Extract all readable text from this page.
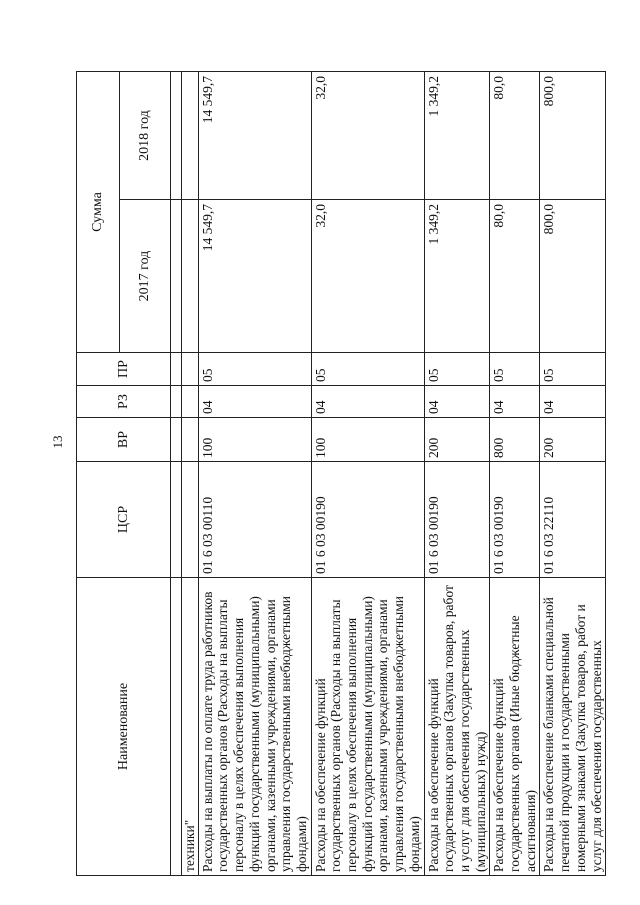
13
Наименование	ЦСР	ВР	РЗ	ПР	Сумма	
					2017 год	2018 год

техники"						
Расходы на выплаты по оплате труда работников государственных органов (Расходы на выплаты персоналу в целях обеспечения выполнения функций государственными (муниципальными) органами, казенными учреждениями, органами управления государственными внебюджетными фондами)	01 6 03 00110	100	04	05	14 549,7	14 549,7
Расходы на обеспечение функций государственных органов (Расходы на выплаты персоналу в целях обеспечения выполнения функций государственными (муниципальными) органами, казенными учреждениями, органами управления государственными внебюджетными фондами)	01 6 03 00190	100	04	05	32,0	32,0
Расходы на обеспечение функций государственных органов (Закупка товаров, работ и услуг для обеспечения государственных (муниципальных) нужд)	01 6 03 00190	200	04	05	1 349,2	1 349,2
Расходы на обеспечение функций государственных органов (Иные бюджетные ассигнования)	01 6 03 00190	800	04	05	80,0	80,0
Расходы на обеспечение бланками специальной печатной продукции и государственными номерными знаками (Закупка товаров, работ и услуг для обеспечения государственных	01 6 03 22110	200	04	05	800,0	800,0
